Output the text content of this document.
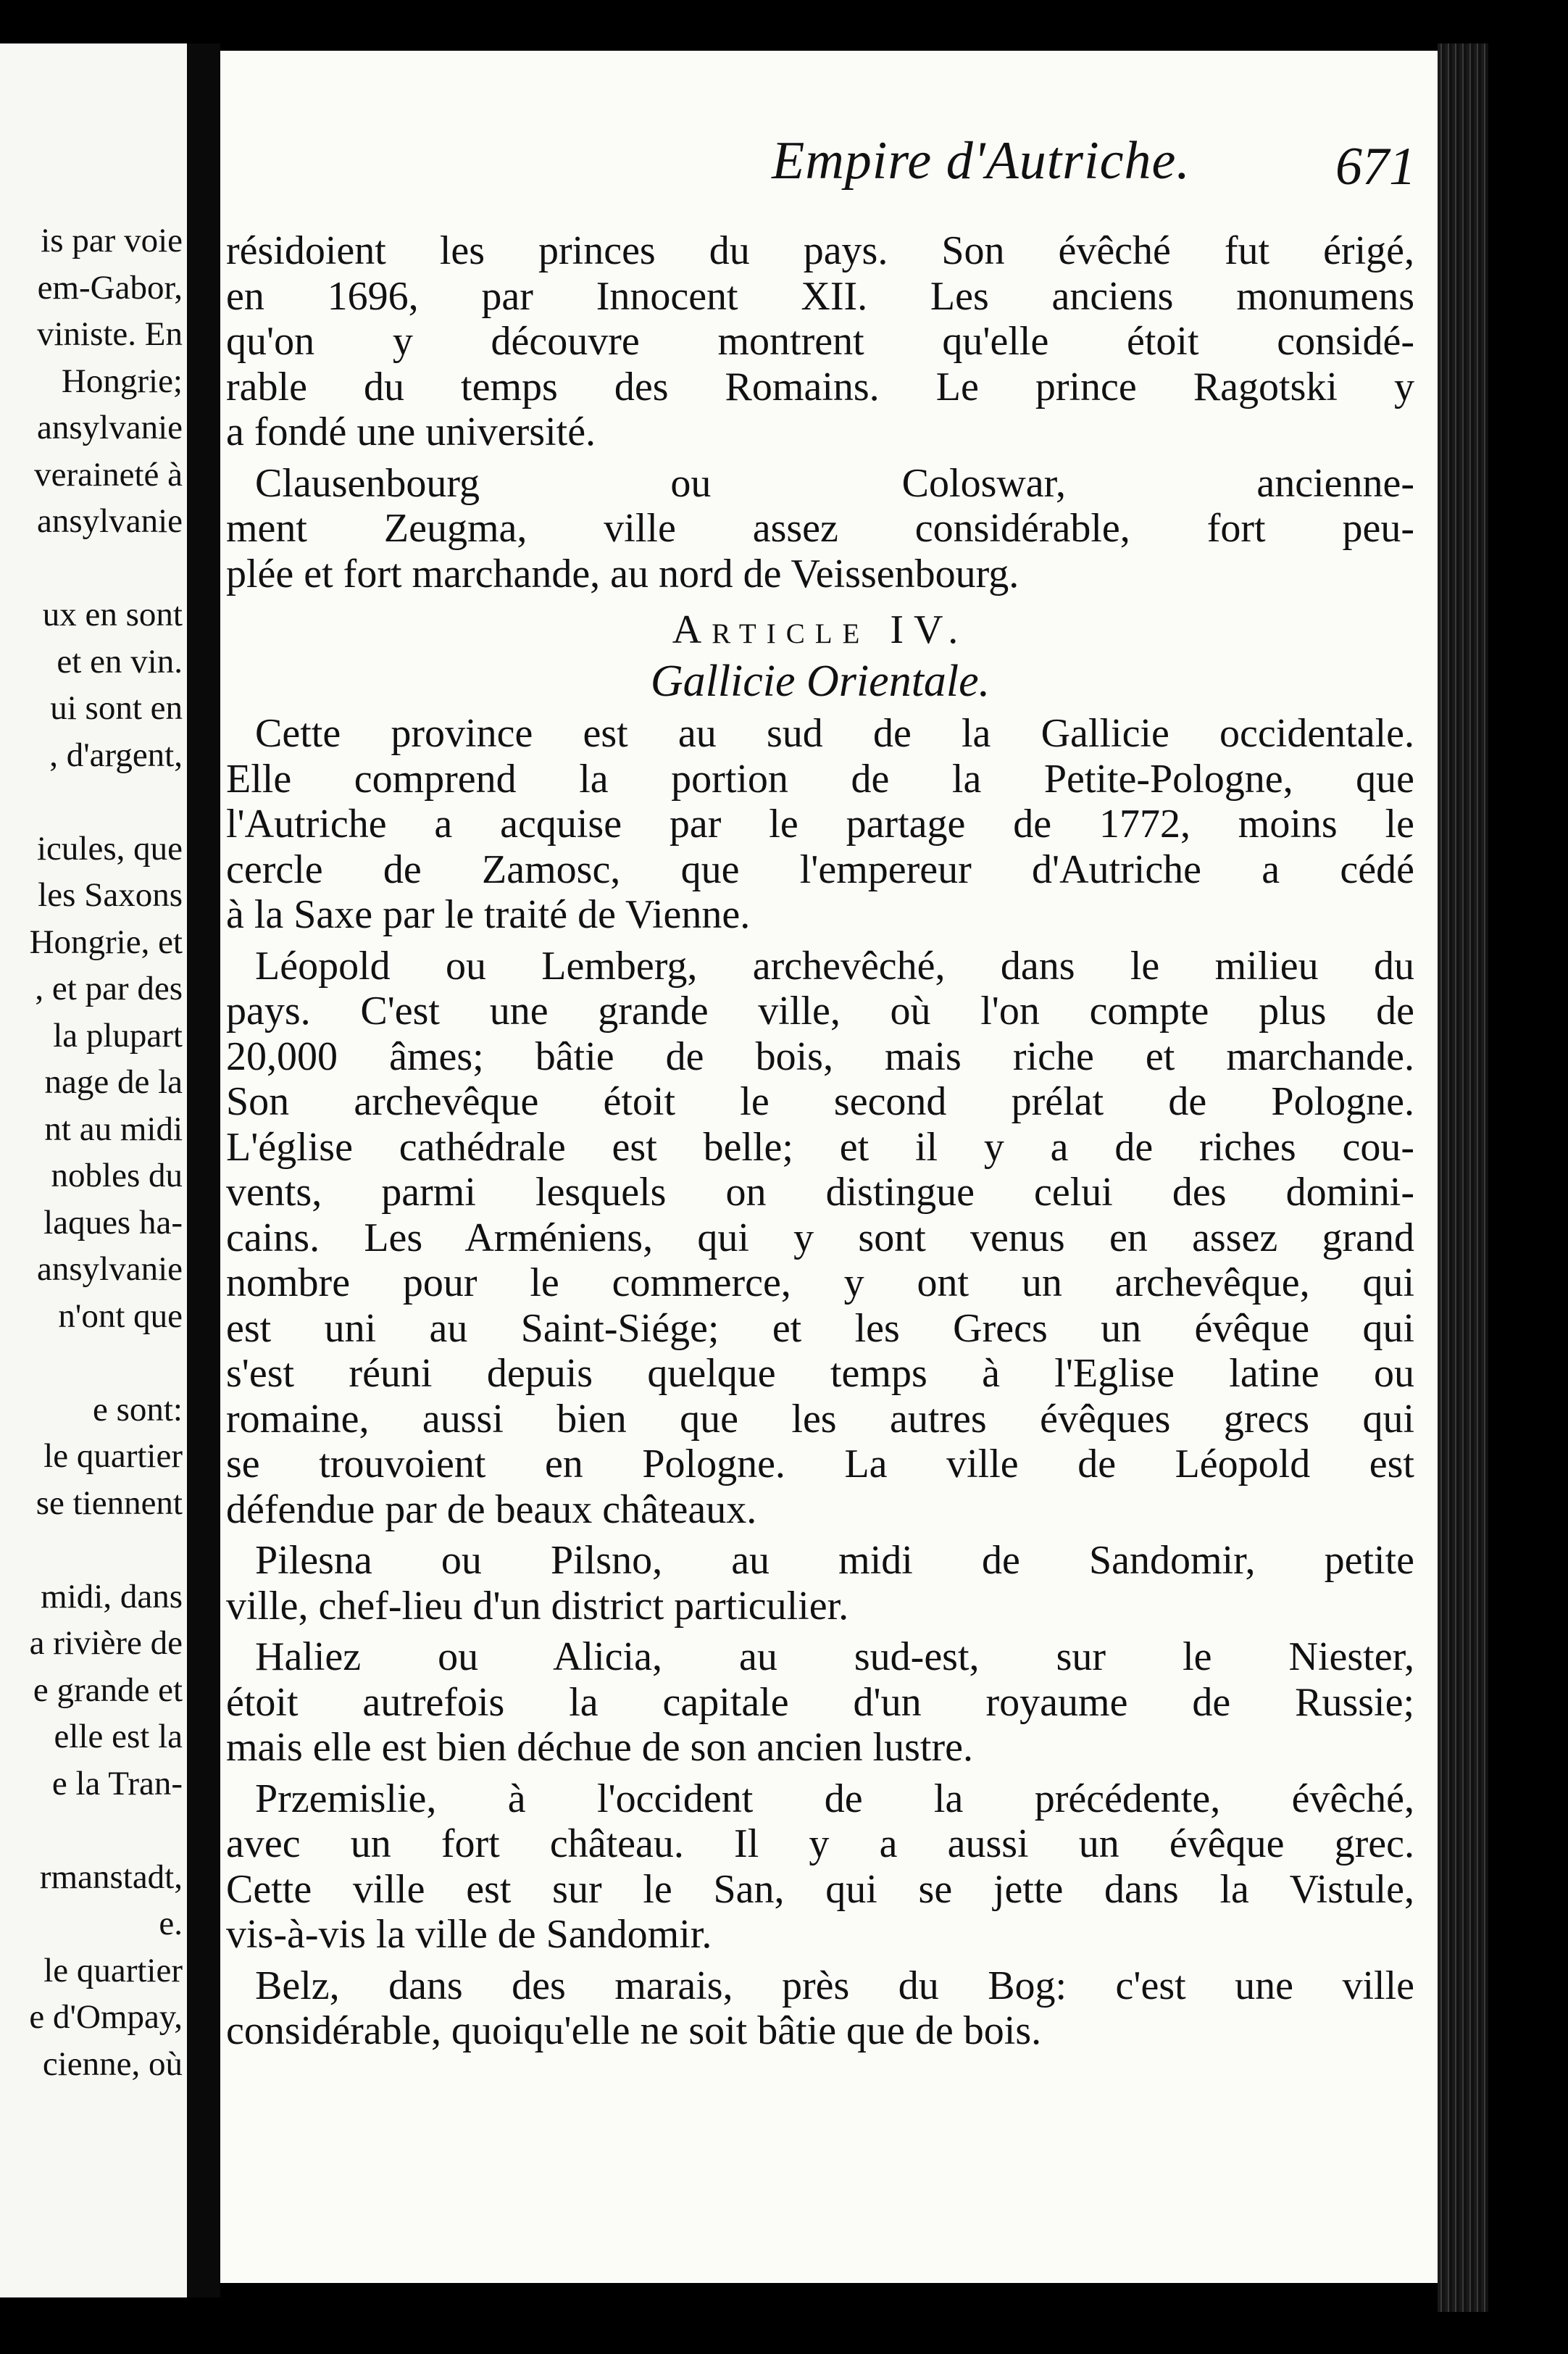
is par voie
em-Gabor,
viniste. En
Hongrie;
ansylvanie
veraineté à
ansylvanie
ux en sont
et en vin.
ui sont en
, d'argent,
icules, que
les Saxons
Hongrie, et
, et par des
la plupart
nage de la
nt au midi
nobles du
laques ha-
ansylvanie
n'ont que
e sont:
le quartier
se tiennent
midi, dans
a rivière de
e grande et
elle est la
e la Tran-
rmanstadt,
e.
le quartier
e d'Ompay,
cienne, où
Empire d'Autriche.	671
résidoient les princes du pays. Son évêché fut érigé,
en 1696, par Innocent XII. Les anciens monumens
qu'on y découvre montrent qu'elle étoit considé-
rable du temps des Romains. Le prince Ragotski y
a fondé une université.
Clausenbourg ou Coloswar, ancienne-
ment Zeugma, ville assez considérable, fort peu-
plée et fort marchande, au nord de Veissenbourg.
Article IV.
Gallicie Orientale.
Cette province est au sud de la Gallicie occidentale.
Elle comprend la portion de la Petite-Pologne, que
l'Autriche a acquise par le partage de 1772, moins le
cercle de Zamosc, que l'empereur d'Autriche a cédé
à la Saxe par le traité de Vienne.
Léopold ou Lemberg, archevêché, dans le milieu du
pays. C'est une grande ville, où l'on compte plus de
20,000 âmes; bâtie de bois, mais riche et marchande.
Son archevêque étoit le second prélat de Pologne.
L'église cathédrale est belle; et il y a de riches cou-
vents, parmi lesquels on distingue celui des domini-
cains. Les Arméniens, qui y sont venus en assez grand
nombre pour le commerce, y ont un archevêque, qui
est uni au Saint-Siége; et les Grecs un évêque qui
s'est réuni depuis quelque temps à l'Eglise latine ou
romaine, aussi bien que les autres évêques grecs qui
se trouvoient en Pologne. La ville de Léopold est
défendue par de beaux châteaux.
Pilesna ou Pilsno, au midi de Sandomir, petite
ville, chef-lieu d'un district particulier.
Haliez ou Alicia, au sud-est, sur le Niester,
étoit autrefois la capitale d'un royaume de Russie;
mais elle est bien déchue de son ancien lustre.
Przemislie, à l'occident de la précédente, évêché,
avec un fort château. Il y a aussi un évêque grec.
Cette ville est sur le San, qui se jette dans la Vistule,
vis-à-vis la ville de Sandomir.
Belz, dans des marais, près du Bog: c'est une ville
considérable, quoiqu'elle ne soit bâtie que de bois.
